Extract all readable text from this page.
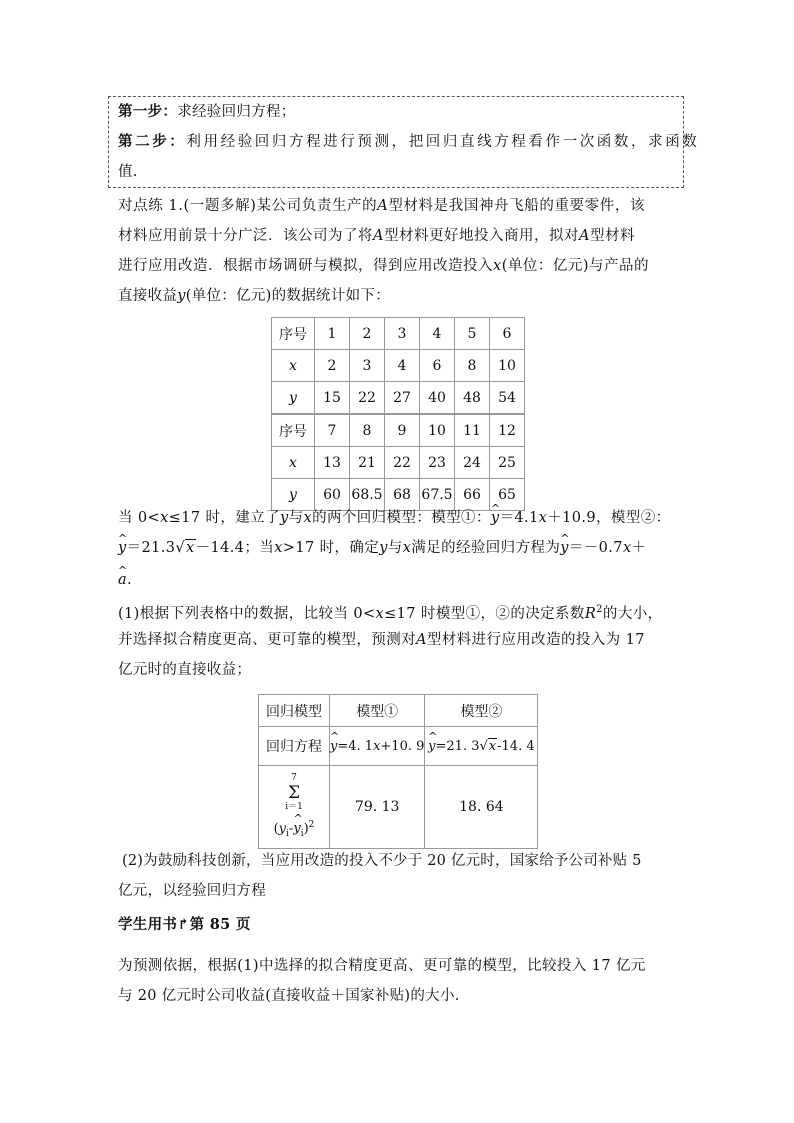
第一步：求经验回归方程；
第二步：利用经验回归方程进行预测，把回归直线方程看作一次函数，求函数
值.
对点练 1.(一题多解)某公司负责生产的A型材料是我国神舟飞船的重要零件，该
材料应用前景十分广泛．该公司为了将A型材料更好地投入商用，拟对A型材料
进行应用改造．根据市场调研与模拟，得到应用改造投入x(单位：亿元)与产品的
直接收益y(单位：亿元)的数据统计如下：
序号	1	2	3	4	5	6
x	2	3	4	6	8	10
y	15	22	27	40	48	54
序号	7	8	9	10	11	12
x	13	21	22	23	24	25
y	60	68.5	68	67.5	66	65
当 0<x≤17 时，建立了y与x的两个回归模型：模型①：^ y＝4.1x＋10.9，模型②：
^ y＝21.3√x－14.4；当x>17 时，确定y与x满足的经验回归方程为^ y＝－0.7x＋
^ a.
(1)根据下列表格中的数据，比较当 0<x≤17 时模型①，②的决定系数$R^2$的大小，
并选择拟合精度更高、更可靠的模型，预测对A型材料进行应用改造的投入为 17
亿元时的直接收益；
回归模型	模型①	模型②
回归方程	^ y=4. 1x+10. 9	^ y=21. 3√x-14. 4

7
Σ
i＝1
($y_i-\^{}$ $y_i)^2$	79. 13	18. 64
(2)为鼓励科技创新，当应用改造的投入不少于 20 亿元时，国家给予公司补贴 5
亿元，以经验回归方程
学生用书↱第 85 页
为预测依据，根据(1)中选择的拟合精度更高、更可靠的模型，比较投入 17 亿元
与 20 亿元时公司收益(直接收益＋国家补贴)的大小.
